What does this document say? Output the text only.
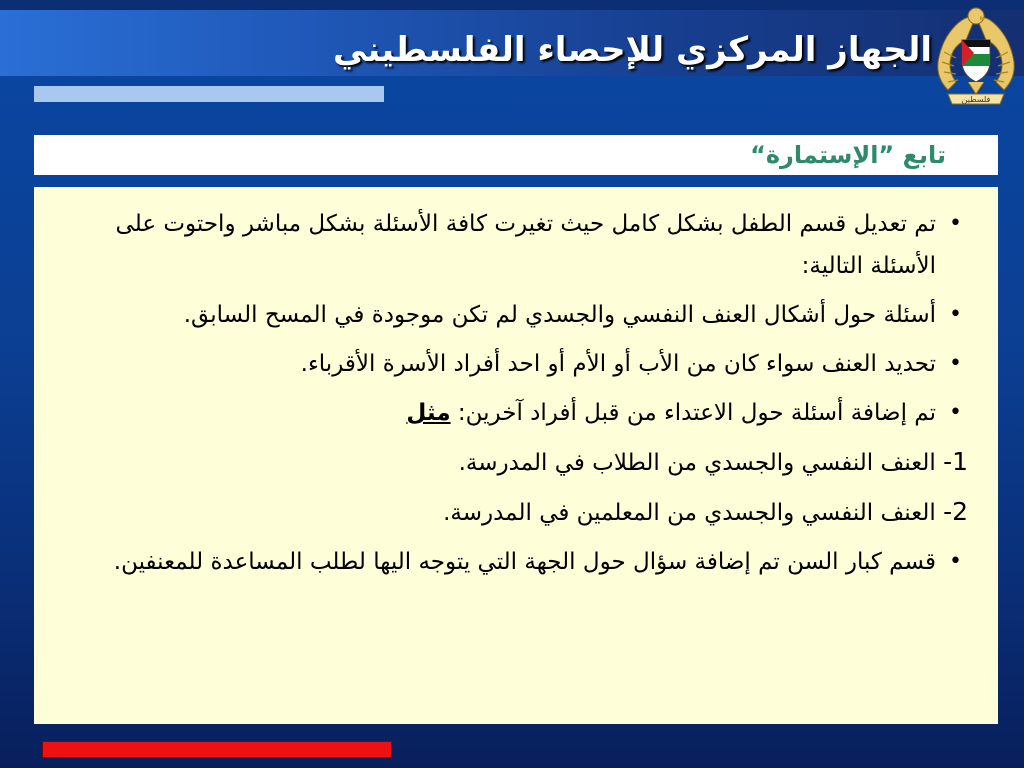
الجهاز المركزي للإحصاء الفلسطيني
فلسطين
تابع ”الإستمارة“
• تم تعديل قسم الطفل بشكل كامل حيث تغيرت كافة الأسئلة بشكل مباشر واحتوت على الأسئلة التالية:
• أسئلة حول أشكال العنف النفسي والجسدي لم تكن موجودة في المسح السابق.
• تحديد العنف سواء كان من الأب أو الأم أو احد أفراد الأسرة الأقرباء.
• تم إضافة أسئلة حول الاعتداء من قبل أفراد آخرين: مثل
1- العنف النفسي والجسدي من الطلاب في المدرسة.
2- العنف النفسي والجسدي من المعلمين في المدرسة.
• قسم كبار السن تم إضافة سؤال حول الجهة التي يتوجه اليها لطلب المساعدة للمعنفين.
